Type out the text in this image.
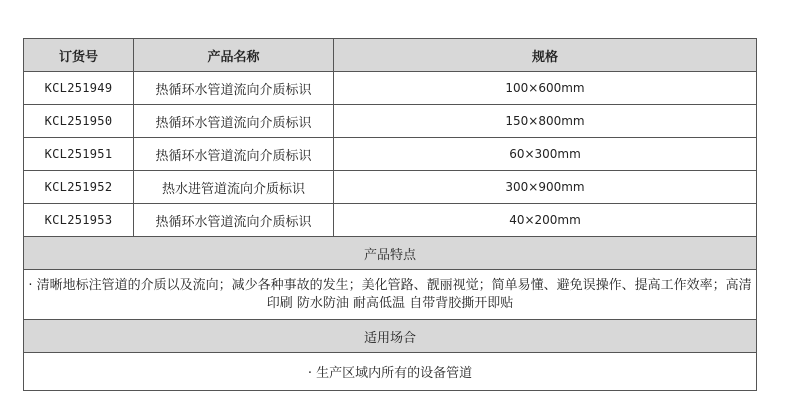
订货号	产品名称	规格
KCL251949	热循环水管道流向介质标识	100×600mm
KCL251950	热循环水管道流向介质标识	150×800mm
KCL251951	热循环水管道流向介质标识	60×300mm
KCL251952	热水进管道流向介质标识	300×900mm
KCL251953	热循环水管道流向介质标识	40×200mm
产品特点		
· 清晰地标注管道的介质以及流向；减少各种事故的发生；美化管路、靓丽视觉；简单易懂、避免误操作、提高工作效率；高清印刷 防水防油 耐高低温 自带背胶撕开即贴		
适用场合		
· 生产区域内所有的设备管道		
